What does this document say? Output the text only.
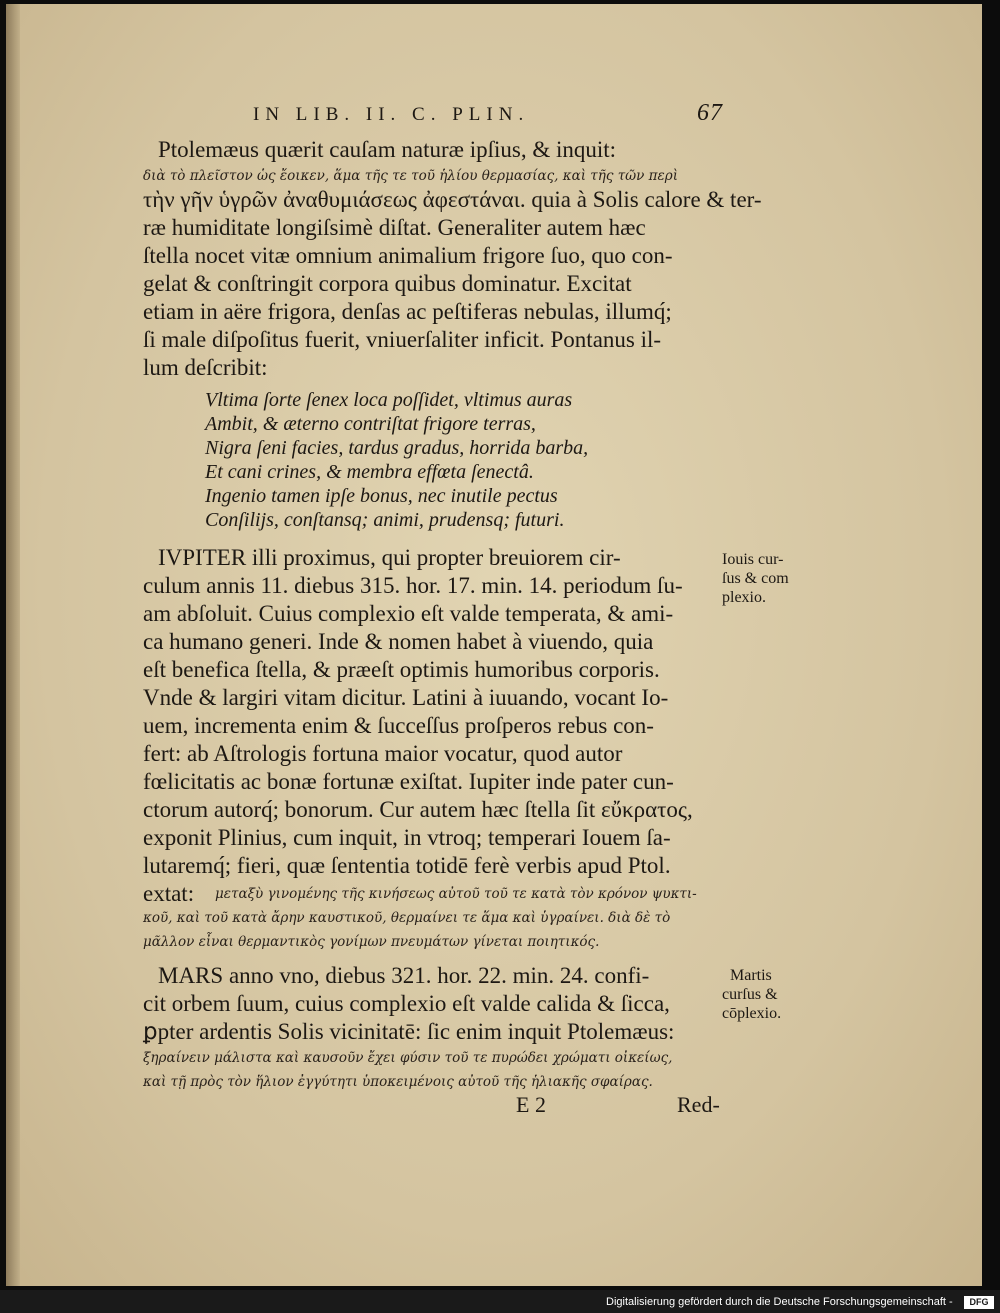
IN LIB. II. C. PLIN.	67
Ptolemæus quærit cauſam naturæ ipſius, & inquit:
διὰ τὸ πλεῖστον ὡς ἔοικεν, ἅμα τῆς τε τοῦ ἡλίου θερμασίας, καὶ τῆς τῶν περὶ
τὴν γῆν ὑγρῶν ἀναθυμιάσεως ἀφεστάναι. quia à Solis calore & ter-
ræ humiditate longiſsimè diſtat. Generaliter autem hæc
ſtella nocet vitæ omnium animalium frigore ſuo, quo con-
gelat & conſtringit corpora quibus dominatur. Excitat
etiam in aëre frigora, denſas ac peſtiferas nebulas, illumq́;
ſi male diſpoſitus fuerit, vniuerſaliter inficit. Pontanus il-
lum deſcribit:
Vltima ſorte ſenex loca poſſidet, vltimus auras
Ambit, & æterno contriſtat frigore terras,
Nigra ſeni facies, tardus gradus, horrida barba,
Et cani crines, & membra effœta ſenectâ.
Ingenio tamen ipſe bonus, nec inutile pectus
Conſilijs, conſtansq; animi, prudensq; futuri.
IVPITER illi proximus, qui propter breuiorem cir-
culum annis 11. diebus 315. hor. 17. min. 14. periodum ſu-
am abſoluit. Cuius complexio eſt valde temperata, & ami-
ca humano generi. Inde & nomen habet à viuendo, quia
eſt benefica ſtella, & præeſt optimis humoribus corporis.
Vnde & largiri vitam dicitur. Latini à iuuando, vocant Io-
uem, incrementa enim & ſucceſſus proſperos rebus con-
fert: ab Aſtrologis fortuna maior vocatur, quod autor
fœlicitatis ac bonæ fortunæ exiſtat. Iupiter inde pater cun-
ctorum autorq́; bonorum. Cur autem hæc ſtella ſit εὔκρατος,
exponit Plinius, cum inquit, in vtroq; temperari Iouem ſa-
lutaremq́; fieri, quæ ſententia totidē ferè verbis apud Ptol.
extat: μεταξὺ γινομένης τῆς κινήσεως αὐτοῦ τοῦ τε κατὰ τὸν κρόνον ψυκτι-
κοῦ, καὶ τοῦ κατὰ ἄρην καυστικοῦ, θερμαίνει τε ἅμα καὶ ὑγραίνει. διὰ δὲ τὸ
μᾶλλον εἶναι θερμαντικὸς γονίμων πνευμάτων γίνεται ποιητικός.
MARS anno vno, diebus 321. hor. 22. min. 24. confi-
cit orbem ſuum, cuius complexio eſt valde calida & ſicca,
ꝑpter ardentis Solis vicinitatē: ſic enim inquit Ptolemæus:
ξηραίνειν μάλιστα καὶ καυσοῦν ἔχει φύσιν τοῦ τε πυρώδει χρώματι οἰκείως,
καὶ τῇ πρὸς τὸν ἥλιον ἐγγύτητι ὑποκειμένοις αὐτοῦ τῆς ἡλιακῆς σφαίρας.
Iouis cur-
ſus & com
plexio.
Martis
curſus &
cōplexio.
E 2	Red-
Digitalisierung gefördert durch die Deutsche Forschungsgemeinschaft -	DFG
